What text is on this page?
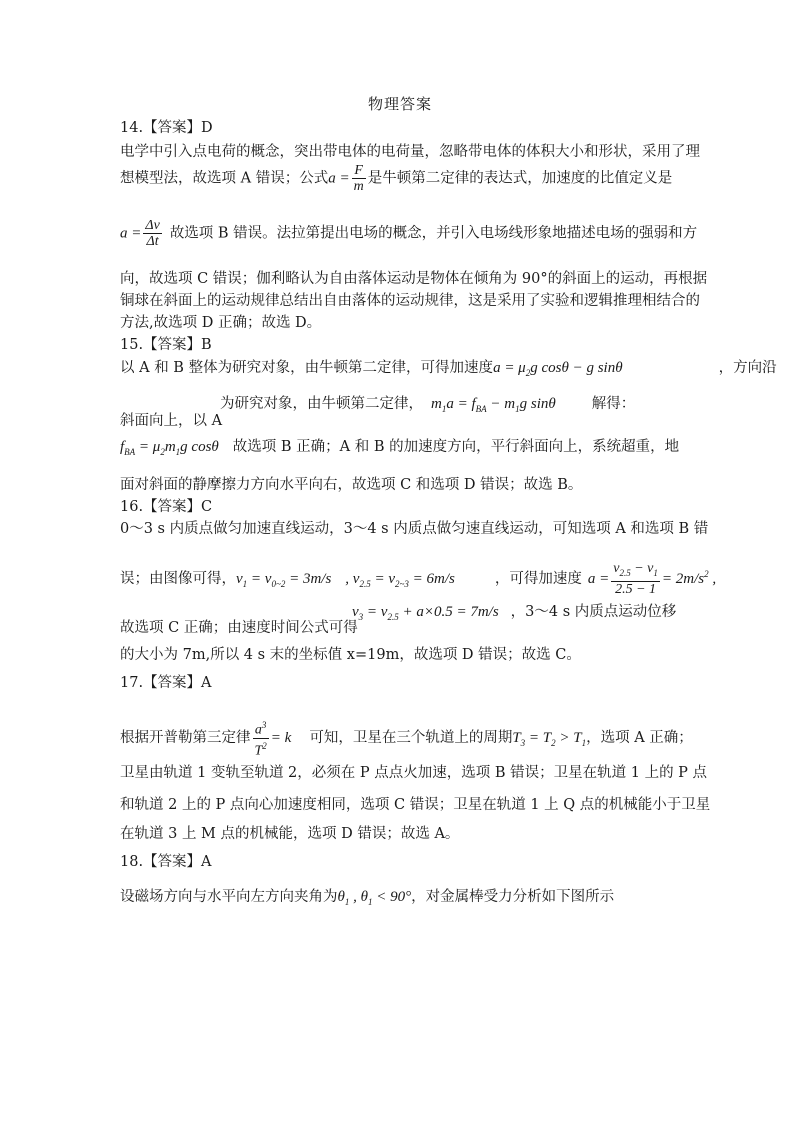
物理答案
14.【答案】D
电学中引入点电荷的概念，突出带电体的电荷量，忽略带电体的体积大小和形状，采用了理
想模型法，故选项 A 错误；公式$a = \frac{F}{m}$ 是牛顿第二定律的表达式，加速度的比值定义是
$a = \frac{\Delta v}{\Delta t}$ 故选项 B 错误。法拉第提出电场的概念，并引入电场线形象地描述电场的强弱和方
向，故选项 C 错误；伽利略认为自由落体运动是物体在倾角为 90°的斜面上的运动，再根据
铜球在斜面上的运动规律总结出自由落体的运动规律，这是采用了实验和逻辑推理相结合的
方法,故选项 D 正确；故选 D。
15.【答案】B
以 A 和 B 整体为研究对象，由牛顿第二定律，可得加速度$a = \mu_2g$ cosθ − g sinθ	，方向沿
为研究对象，由牛顿第二定律， $m_1a = f_{BA} - m_1g$ sinθ 解得：
斜面向上，以 A
$f_{BA} = \mu_2m_1g$ cosθ 故选项 B 正确；A 和 B 的加速度方向，平行斜面向上，系统超重，地
面对斜面的静摩擦力方向水平向右，故选项 C 和选项 D 错误；故选 B。
16.【答案】C
0～3 s 内质点做匀加速直线运动，3～4 s 内质点做匀速直线运动，可知选项 A 和选项 B 错
误；由图像可得，$v_1 = v_{0\sim 2} = 3m/s$ , $v_{2.5} = v_{2\sim 3} = 6m/s$	，可得加速度 $a = \frac{v_{2.5} - v_1}{2.5 - 1} = 2m/s^2$ ,
$v_3 = v_{2.5} + a\times 0.5 = 7m/s$ ，3～4 s 内质点运动位移
故选项 C 正确；由速度时间公式可得
的大小为 7m,所以 4 s 末的坐标值 x=19m，故选项 D 错误；故选 C。
17.【答案】A
根据开普勒第三定律 $\frac{a^3}{T^2} = k$ 可知，卫星在三个轨道上的周期$T_3 = T_2 > T_1$，选项 A 正确；
卫星由轨道 1 变轨至轨道 2，必须在 P 点点火加速，选项 B 错误；卫星在轨道 1 上的 P 点
和轨道 2 上的 P 点向心加速度相同，选项 C 错误；卫星在轨道 1 上 Q 点的机械能小于卫星
在轨道 3 上 M 点的机械能，选项 D 错误；故选 A。
18.【答案】A
设磁场方向与水平向左方向夹角为$\theta_1$ , $\theta_1 < 90^\circ$，对金属棒受力分析如下图所示
